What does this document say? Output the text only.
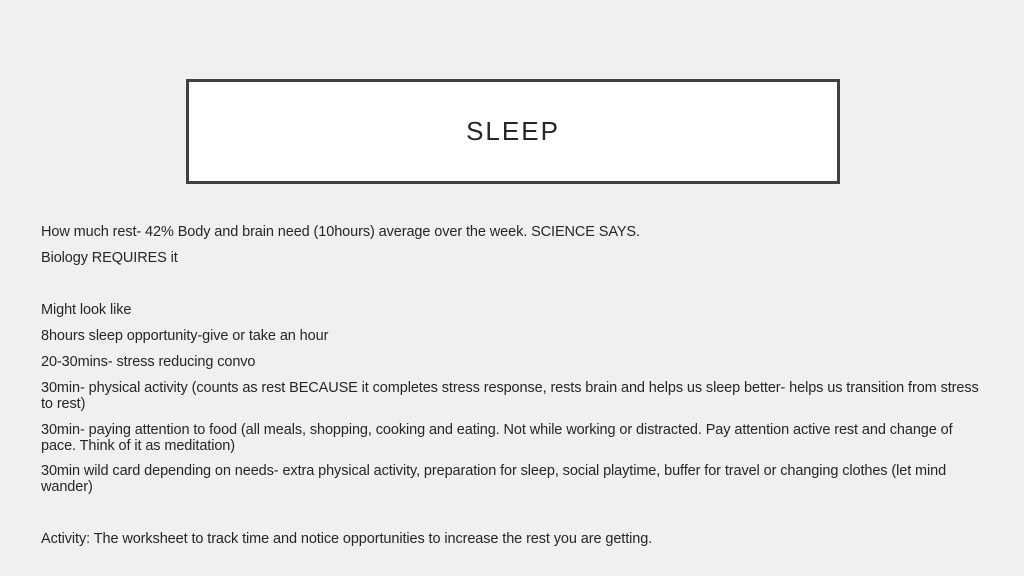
SLEEP

How much rest- 42% Body and brain need (10hours) average over the week. SCIENCE SAYS.

Biology REQUIRES it

Might look like

8hours sleep opportunity-give or take an hour

20-30mins- stress reducing convo

30min- physical activity (counts as rest BECAUSE it completes stress response, rests brain and helps us sleep better- helps us transition from stress to rest)

30min- paying attention to food (all meals, shopping, cooking and eating. Not while working or distracted. Pay attention active rest and change of pace. Think of it as meditation)

30min wild card depending on needs- extra physical activity, preparation for sleep, social playtime, buffer for travel or changing clothes (let mind wander)

Activity: The worksheet to track time and notice opportunities to increase the rest you are getting.
